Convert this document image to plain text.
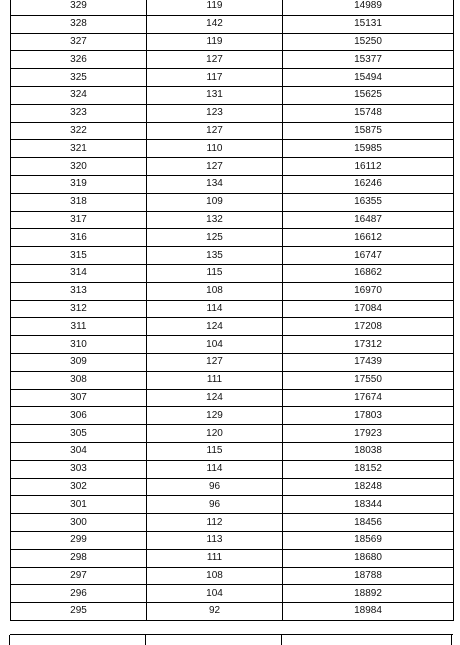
329	119	14989
328	142	15131
327	119	15250
326	127	15377
325	117	15494
324	131	15625
323	123	15748
322	127	15875
321	110	15985
320	127	16112
319	134	16246
318	109	16355
317	132	16487
316	125	16612
315	135	16747
314	115	16862
313	108	16970
312	114	17084
311	124	17208
310	104	17312
309	127	17439
308	111	17550
307	124	17674
306	129	17803
305	120	17923
304	115	18038
303	114	18152
302	96	18248
301	96	18344
300	112	18456
299	113	18569
298	111	18680
297	108	18788
296	104	18892
295	92	18984
